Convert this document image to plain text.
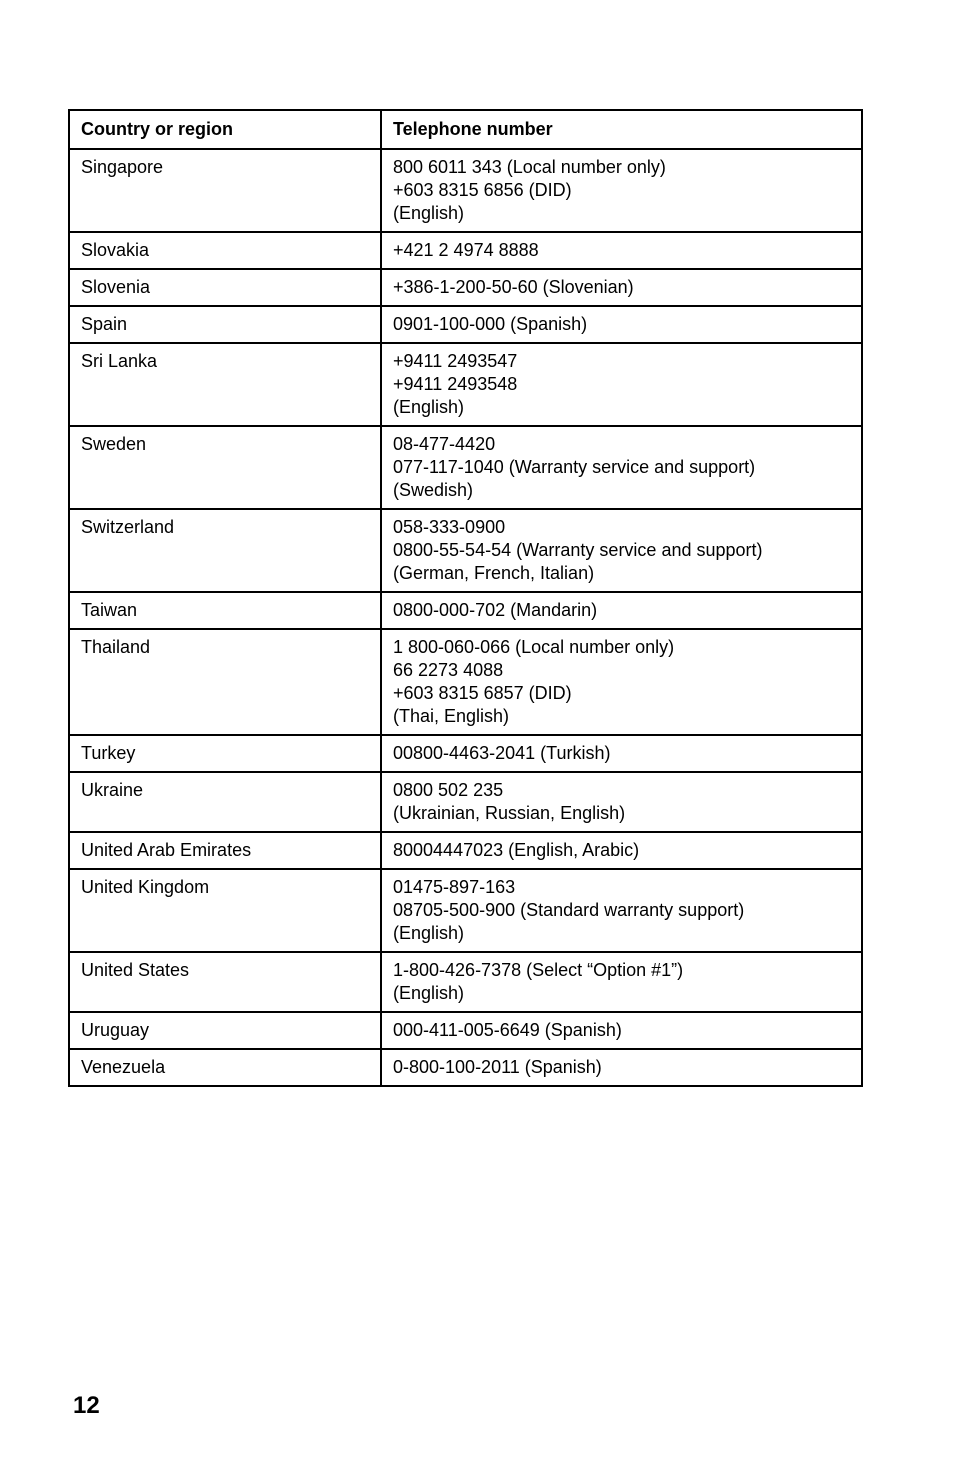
Country or region	Telephone number
Singapore	800 6011 343 (Local number only)
+603 8315 6856 (DID)
(English)

Slovakia	+421 2 4974 8888

Slovenia	+386-1-200-50-60 (Slovenian)

Spain	0901-100-000 (Spanish)

Sri Lanka	+9411 2493547
+9411 2493548
(English)

Sweden	08-477-4420
077-117-1040 (Warranty service and support)
(Swedish)

Switzerland	058-333-0900
0800-55-54-54 (Warranty service and support)
(German, French, Italian)

Taiwan	0800-000-702 (Mandarin)

Thailand	1 800-060-066 (Local number only)
66 2273 4088
+603 8315 6857 (DID)
(Thai, English)

Turkey	00800-4463-2041 (Turkish)

Ukraine	0800 502 235
(Ukrainian, Russian, English)

United Arab Emirates	80004447023 (English, Arabic)

United Kingdom	01475-897-163
08705-500-900 (Standard warranty support)
(English)

United States	1-800-426-7378 (Select “Option #1”)
(English)

Uruguay	000-411-005-6649 (Spanish)

Venezuela	0-800-100-2011 (Spanish)
12
